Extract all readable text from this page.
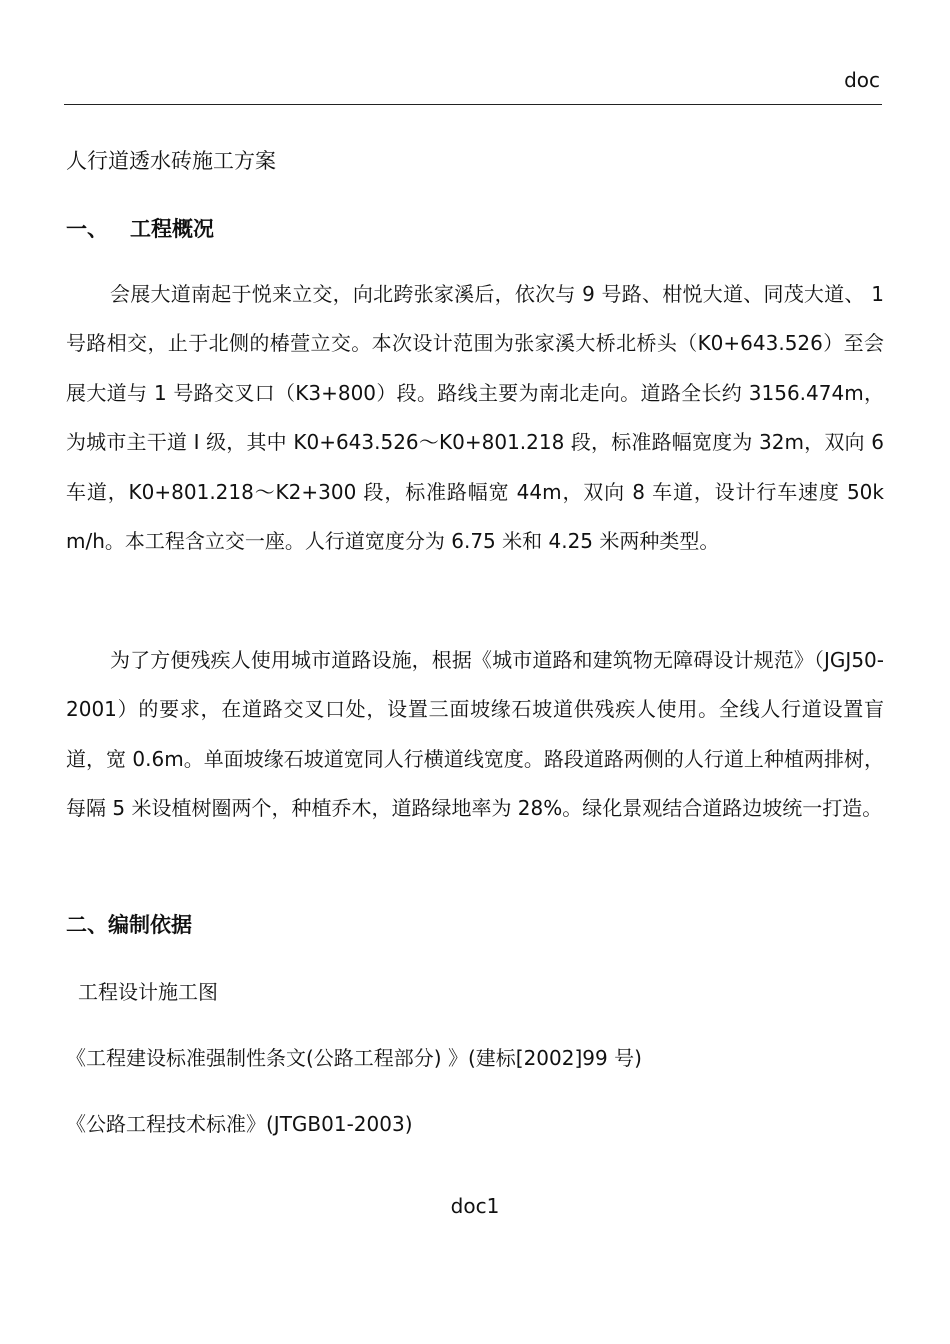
doc
人行道透水砖施工方案
一、 工程概况
会展大道南起于悦来立交，向北跨张家溪后，依次与 9 号路、柑悦大道、同茂大道、 1 号路相交，止于北侧的椿萱立交。本次设计范围为张家溪大桥北桥头（K0+643.526）至会展大道与 1 号路交叉口（K3+800）段。路线主要为南北走向。道路全长约 3156.474m，为城市主干道 I 级，其中 K0+643.526～K0+801.218 段，标准路幅宽度为 32m，双向 6 车道，K0+801.218～K2+300 段，标准路幅宽 44m，双向 8 车道，设计行车速度 50km/h。本工程含立交一座。人行道宽度分为 6.75 米和 4.25 米两种类型。
为了方便残疾人使用城市道路设施，根据《城市道路和建筑物无障碍设计规范》（JGJ50-2001）的要求，在道路交叉口处，设置三面坡缘石坡道供残疾人使用。全线人行道设置盲道，宽 0.6m。单面坡缘石坡道宽同人行横道线宽度。路段道路两侧的人行道上种植两排树，每隔 5 米设植树圈两个，种植乔木，道路绿地率为 28%。绿化景观结合道路边坡统一打造。
二、编制依据
工程设计施工图
《工程建设标准强制性条文(公路工程部分) 》(建标[2002]99 号)
《公路工程技术标准》(JTGB01-2003)
doc1
